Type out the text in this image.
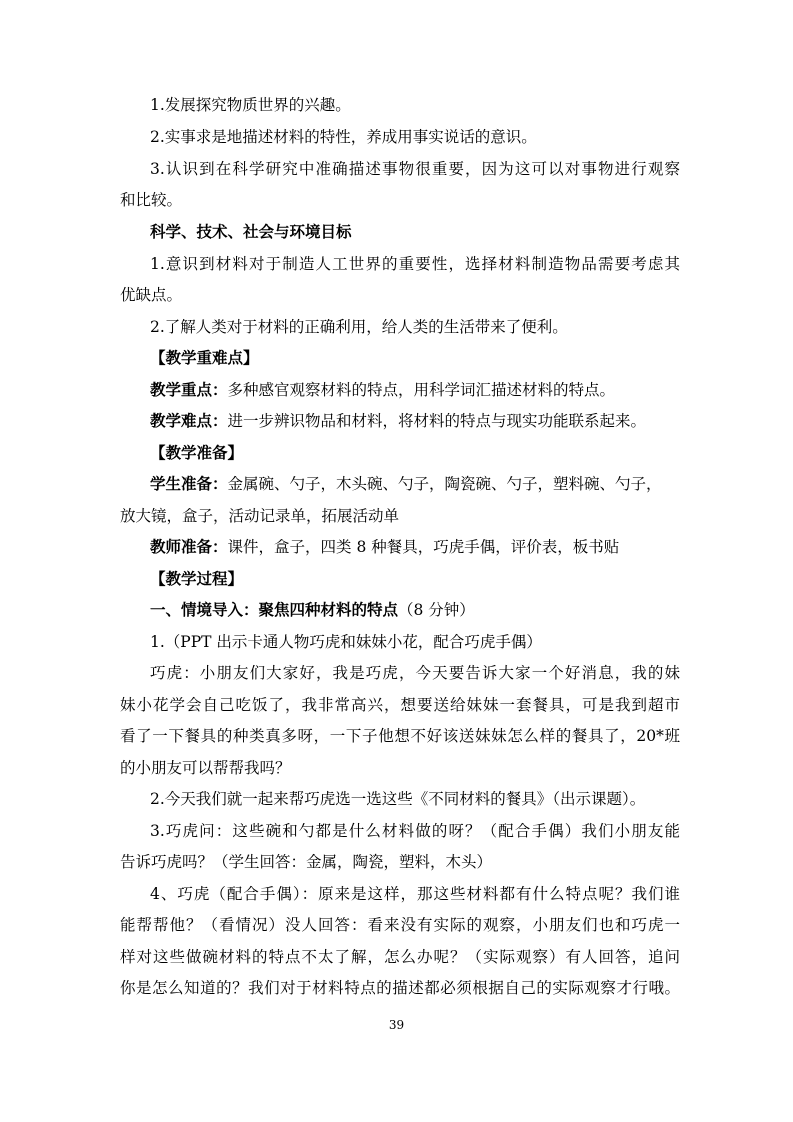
1.发展探究物质世界的兴趣。
2.实事求是地描述材料的特性，养成用事实说话的意识。
3.认识到在科学研究中准确描述事物很重要，因为这可以对事物进行观察
和比较。
科学、技术、社会与环境目标
1.意识到材料对于制造人工世界的重要性，选择材料制造物品需要考虑其
优缺点。
2.了解人类对于材料的正确利用，给人类的生活带来了便利。
【教学重难点】
教学重点：多种感官观察材料的特点，用科学词汇描述材料的特点。
教学难点：进一步辨识物品和材料，将材料的特点与现实功能联系起来。
【教学准备】
学生准备：金属碗、勺子，木头碗、勺子，陶瓷碗、勺子，塑料碗、勺子，
放大镜，盒子，活动记录单，拓展活动单
教师准备：课件，盒子，四类 8 种餐具，巧虎手偶，评价表，板书贴
【教学过程】
一、情境导入：聚焦四种材料的特点（8 分钟）
1.（PPT 出示卡通人物巧虎和妹妹小花，配合巧虎手偶）
巧虎：小朋友们大家好，我是巧虎，今天要告诉大家一个好消息，我的妹
妹小花学会自己吃饭了，我非常高兴，想要送给妹妹一套餐具，可是我到超市
看了一下餐具的种类真多呀，一下子他想不好该送妹妹怎么样的餐具了，20*班
的小朋友可以帮帮我吗？
2.今天我们就一起来帮巧虎选一选这些《不同材料的餐具》（出示课题）。
3.巧虎问：这些碗和勺都是什么材料做的呀？（配合手偶）我们小朋友能
告诉巧虎吗？（学生回答：金属，陶瓷，塑料，木头）
4、巧虎（配合手偶）：原来是这样，那这些材料都有什么特点呢？我们谁
能帮帮他？（看情况）没人回答：看来没有实际的观察，小朋友们也和巧虎一
样对这些做碗材料的特点不太了解，怎么办呢？（实际观察）有人回答，追问
你是怎么知道的？我们对于材料特点的描述都必须根据自己的实际观察才行哦。
39
